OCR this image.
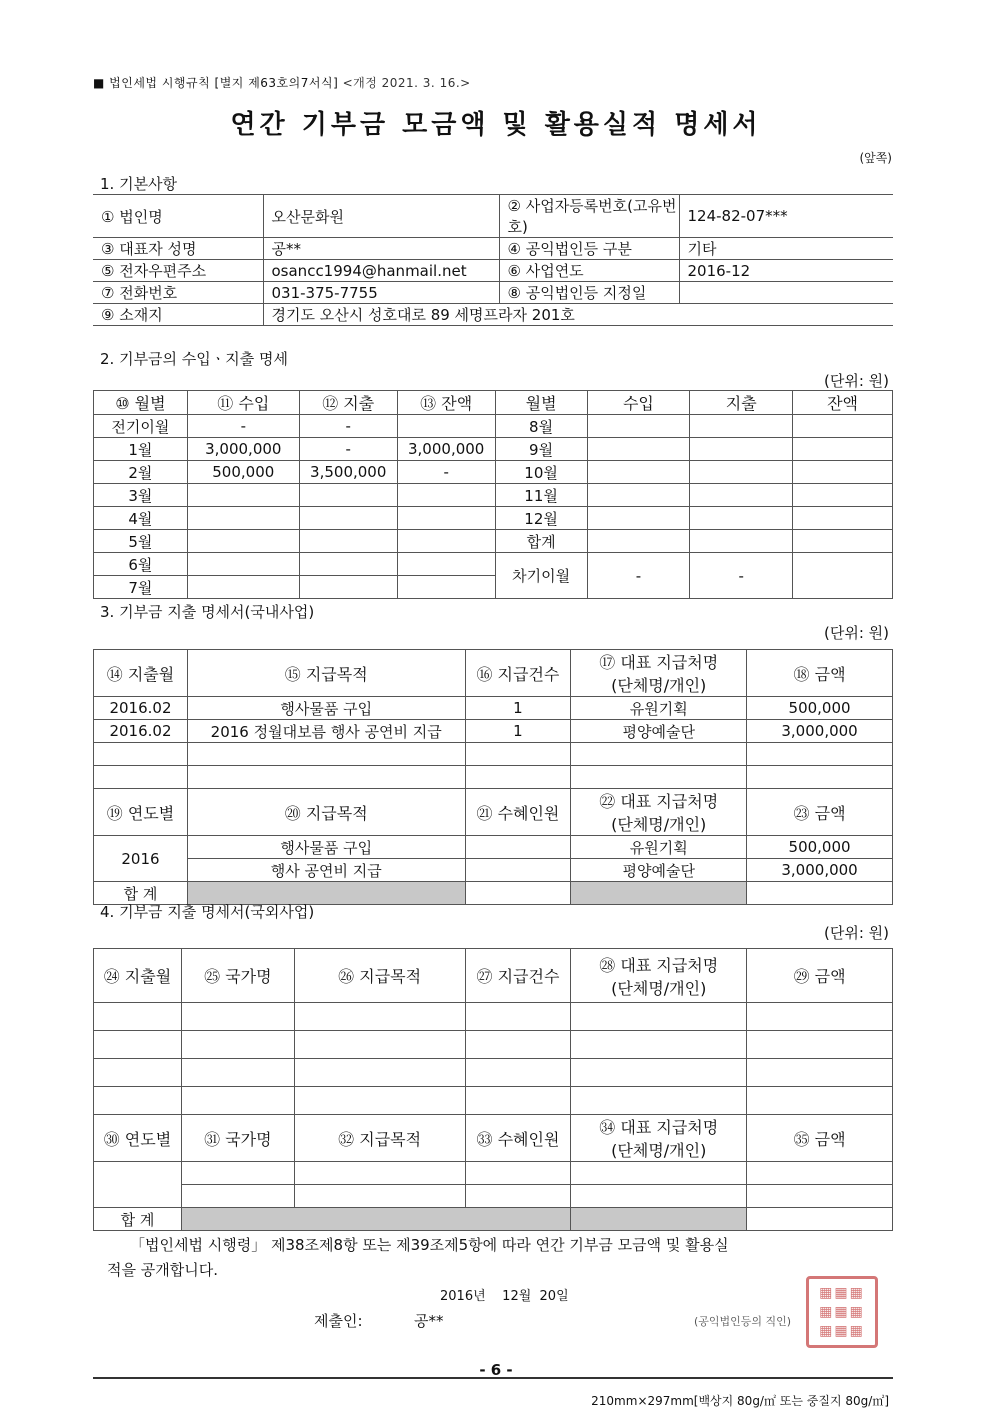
■ 법인세법 시행규칙 [별지 제63호의7서식] <개정 2021. 3. 16.>
연간 기부금 모금액 및 활용실적 명세서
(앞쪽)
1. 기본사항
① 법인명	오산문화원	② 사업자등록번호(고유번호)	124-82-07***
③ 대표자 성명	공**	④ 공익법인등 구분	기타
⑤ 전자우편주소	osancc1994@hanmail.net	⑥ 사업연도	2016-12
⑦ 전화번호	031-375-7755	⑧ 공익법인등 지정일	
⑨ 소재지	경기도 오산시 성호대로 89 세명프라자 201호		
2. 기부금의 수입ㆍ지출 명세
(단위: 원)
⑩ 월별	⑪ 수입	⑫ 지출	⑬ 잔액	월별	수입	지출	잔액
전기이월	-	-		8월			
1월	3,000,000	-	3,000,000	9월			
2월	500,000	3,500,000	-	10월			
3월				11월			
4월				12월			
5월				합계			
6월				차기이월	-	-	
7월							
3. 기부금 지출 명세서(국내사업)
(단위: 원)
⑭ 지출월	⑮ 지급목적	⑯ 지급건수	⑰ 대표 지급처명
(단체명/개인)	⑱ 금액
2016.02	행사물품 구입	1	유원기획	500,000
2016.02	2016 정월대보름 행사 공연비 지급	1	평양예술단	3,000,000

⑲ 연도별	⑳ 지급목적	㉑ 수혜인원	㉒ 대표 지급처명
(단체명/개인)	㉓ 금액
2016	행사물품 구입		유원기획	500,000
	행사 공연비 지급		평양예술단	3,000,000
합 계				
4. 기부금 지출 명세서(국외사업)
(단위: 원)
㉔ 지출월	㉕ 국가명	㉖ 지급목적	㉗ 지급건수	㉘ 대표 지급처명
(단체명/개인)	㉙ 금액

㉚ 연도별	㉛ 국가명	㉜ 지급목적	㉝ 수혜인원	㉞ 대표 지급처명
(단체명/개인)	㉟ 금액

합 계					
「법인세법 시행령」 제38조제8항 또는 제39조제5항에 따라 연간 기부금 모금액 및 활용실
적을 공개합니다.
2016년    12월  20일
제출인:	공**	(공익법인등의 직인)
▦▦▦
▦▦▦
▦▦▦
- 6 -
210mm×297mm[백상지 80g/㎡ 또는 중질지 80g/㎡]
